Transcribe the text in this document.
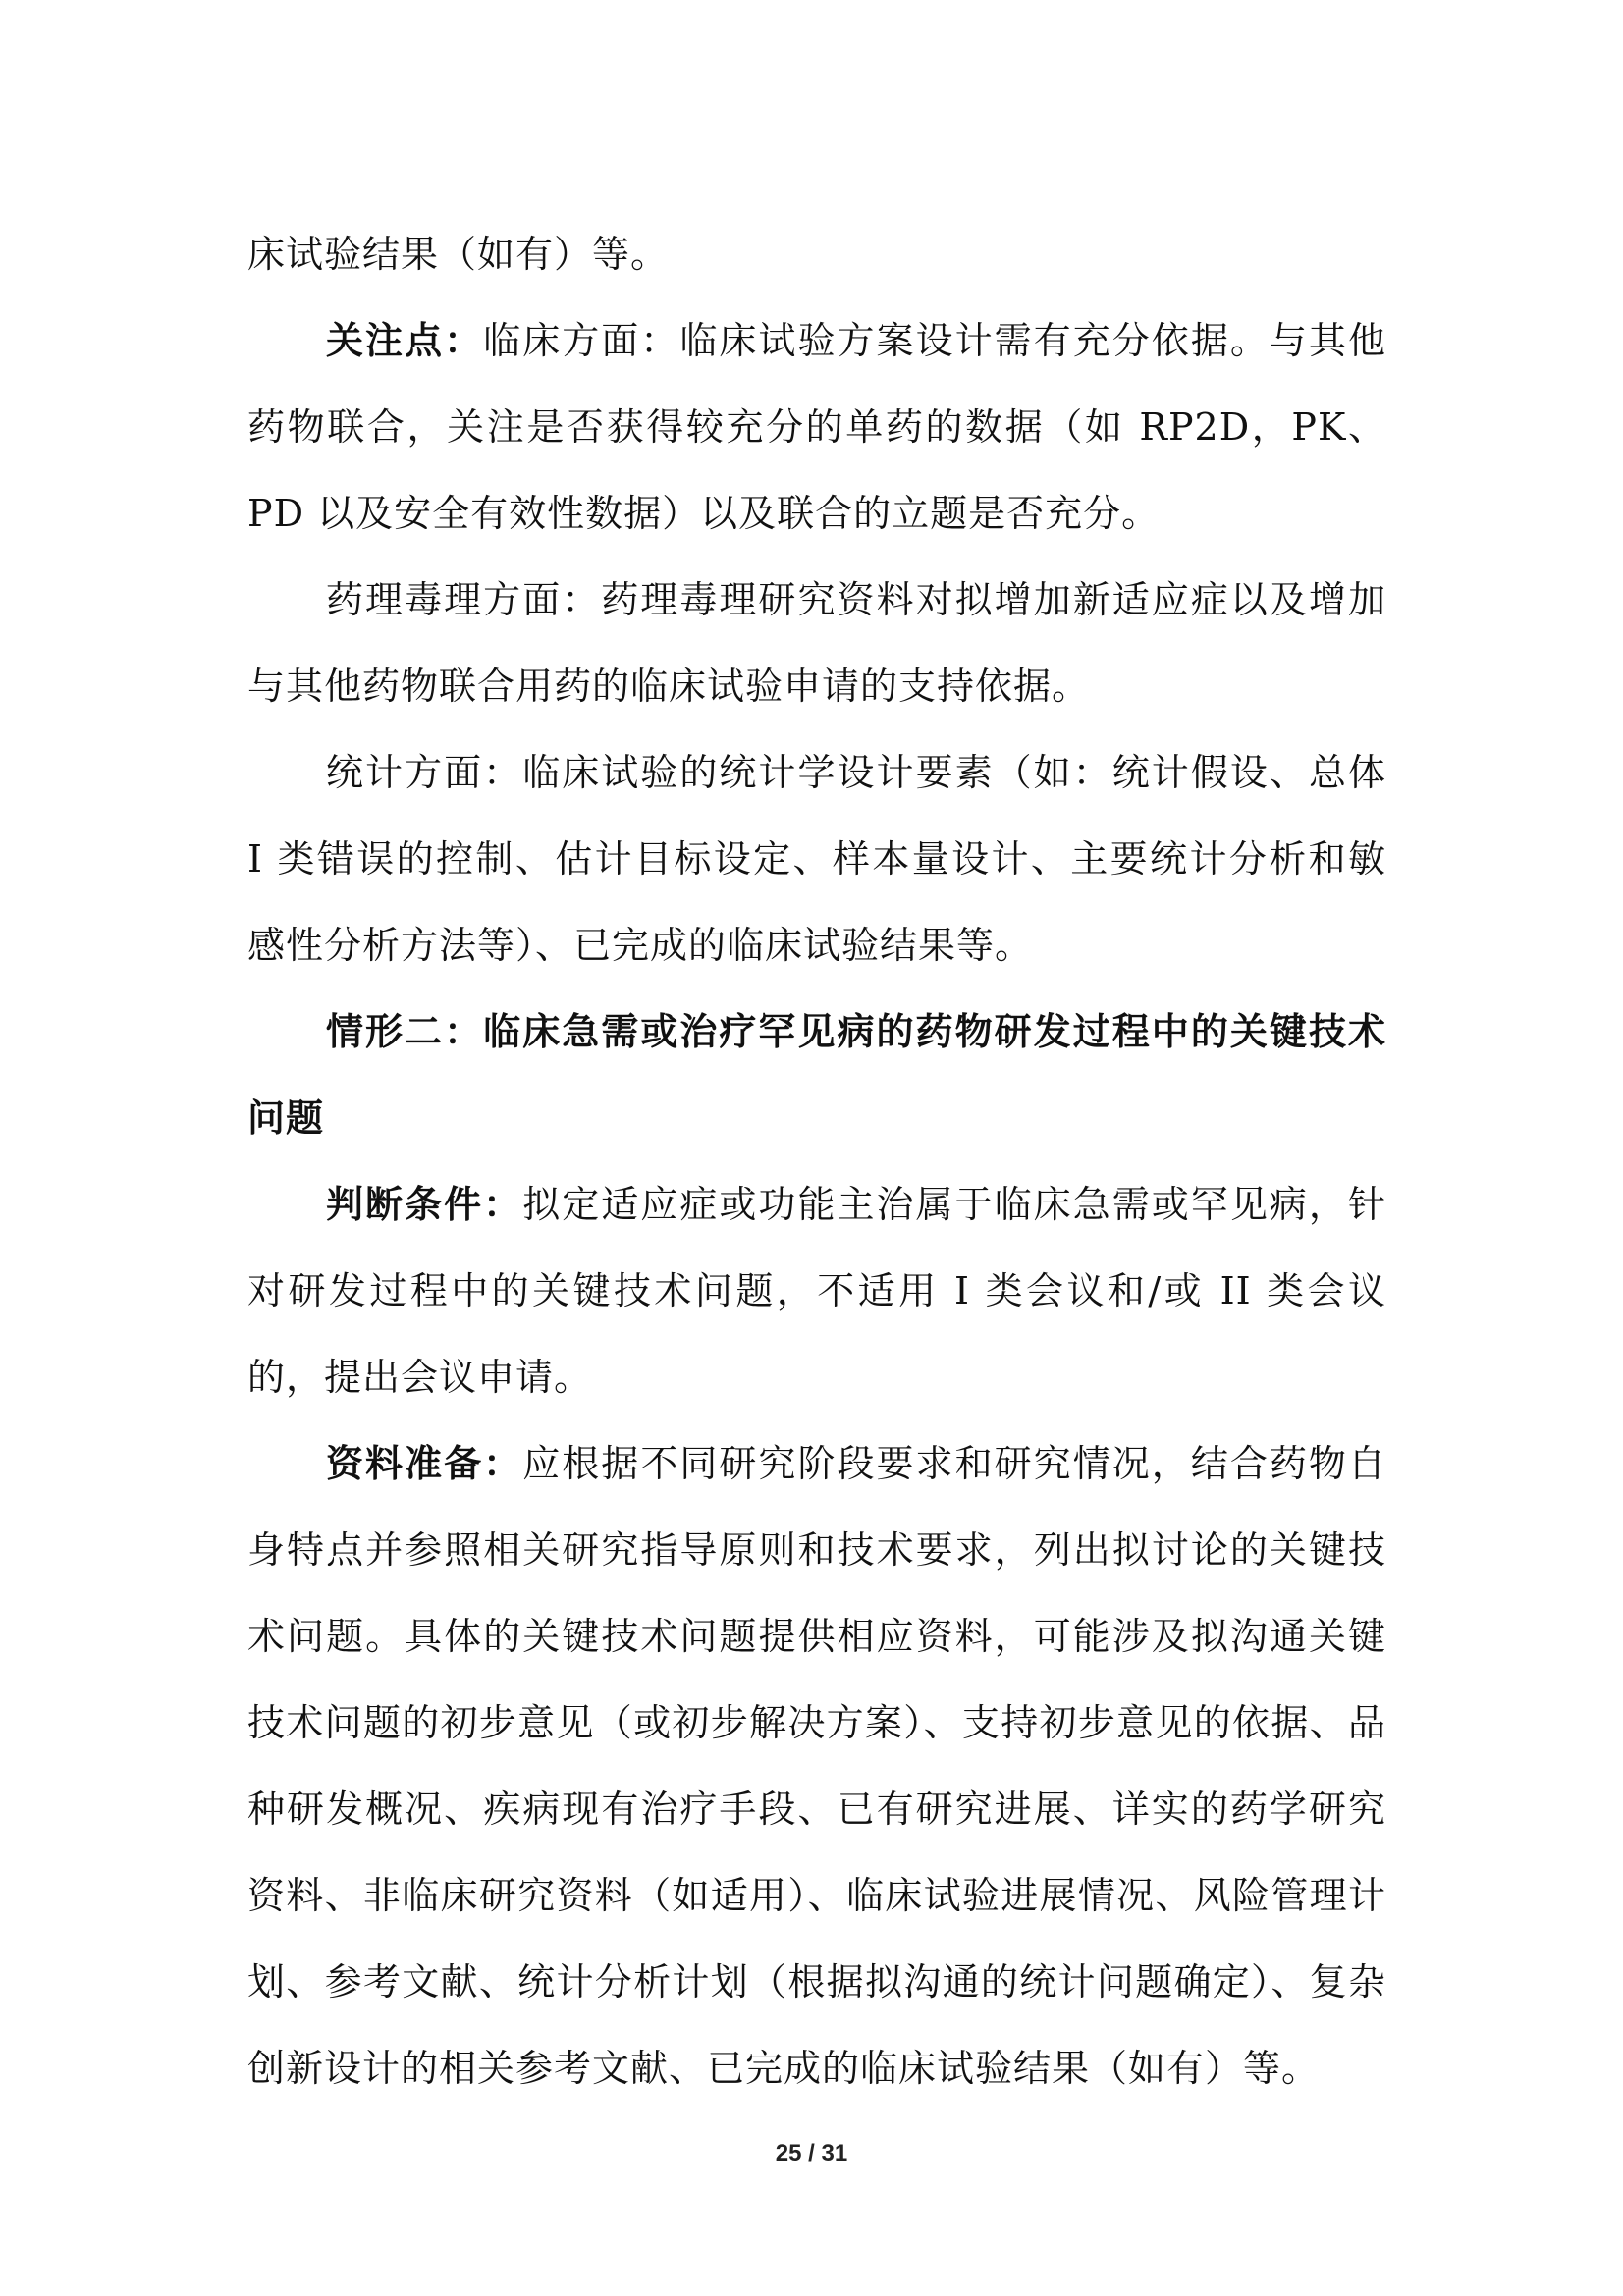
床试验结果（如有）等。

关注点：临床方面：临床试验方案设计需有充分依据。与其他药物联合，关注是否获得较充分的单药的数据（如 RP2D，PK、PD 以及安全有效性数据）以及联合的立题是否充分。

药理毒理方面：药理毒理研究资料对拟增加新适应症以及增加与其他药物联合用药的临床试验申请的支持依据。

统计方面：临床试验的统计学设计要素（如：统计假设、总体 I 类错误的控制、估计目标设定、样本量设计、主要统计分析和敏感性分析方法等）、已完成的临床试验结果等。

情形二：临床急需或治疗罕见病的药物研发过程中的关键技术问题

判断条件：拟定适应症或功能主治属于临床急需或罕见病，针对研发过程中的关键技术问题，不适用 I 类会议和/或 II 类会议的，提出会议申请。

资料准备：应根据不同研究阶段要求和研究情况，结合药物自身特点并参照相关研究指导原则和技术要求，列出拟讨论的关键技术问题。具体的关键技术问题提供相应资料，可能涉及拟沟通关键技术问题的初步意见（或初步解决方案）、支持初步意见的依据、品种研发概况、疾病现有治疗手段、已有研究进展、详实的药学研究资料、非临床研究资料（如适用）、临床试验进展情况、风险管理计划、参考文献、统计分析计划（根据拟沟通的统计问题确定）、复杂创新设计的相关参考文献、已完成的临床试验结果（如有）等。

25 / 31
